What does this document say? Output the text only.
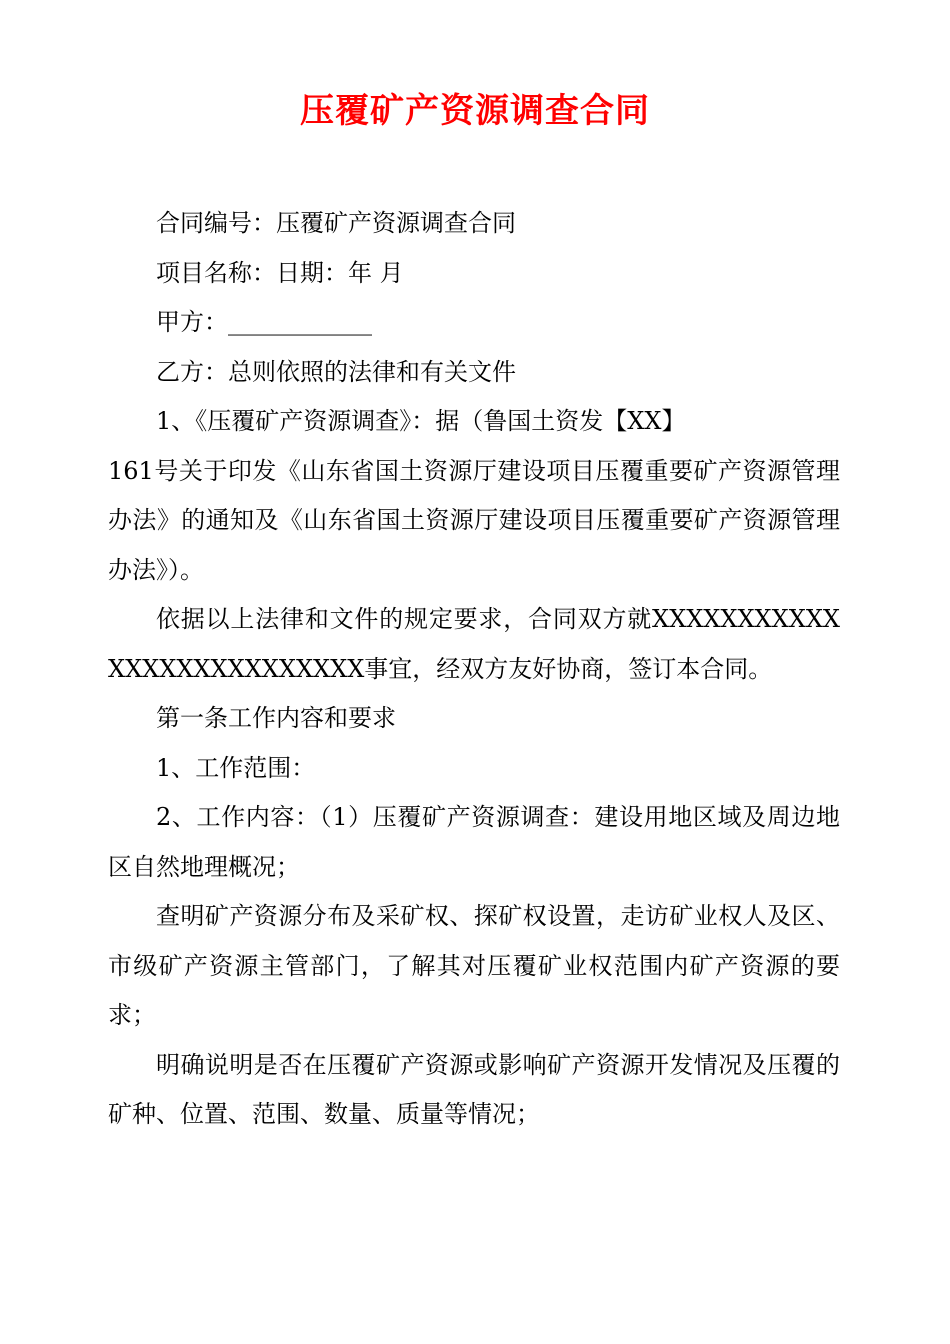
压覆矿产资源调查合同

合同编号：压覆矿产资源调查合同

项目名称：日期：年 月

甲方：____________

乙方：总则依照的法律和有关文件

1、《压覆矿产资源调查》：据（鲁国土资发【XX】

161号关于印发《山东省国土资源厅建设项目压覆重要矿产资源管理办法》的通知及《山东省国土资源厅建设项目压覆重要矿产资源管理办法》）。

依据以上法律和文件的规定要求，合同双方就XXXXXXXXXXXXXXXXXXXXXXXXXX事宜，经双方友好协商，签订本合同。

第一条工作内容和要求

1、工作范围：

2、工作内容：（1）压覆矿产资源调查：建设用地区域及周边地区自然地理概况；

查明矿产资源分布及采矿权、探矿权设置，走访矿业权人及区、市级矿产资源主管部门，了解其对压覆矿业权范围内矿产资源的要求；

明确说明是否在压覆矿产资源或影响矿产资源开发情况及压覆的矿种、位置、范围、数量、质量等情况；
